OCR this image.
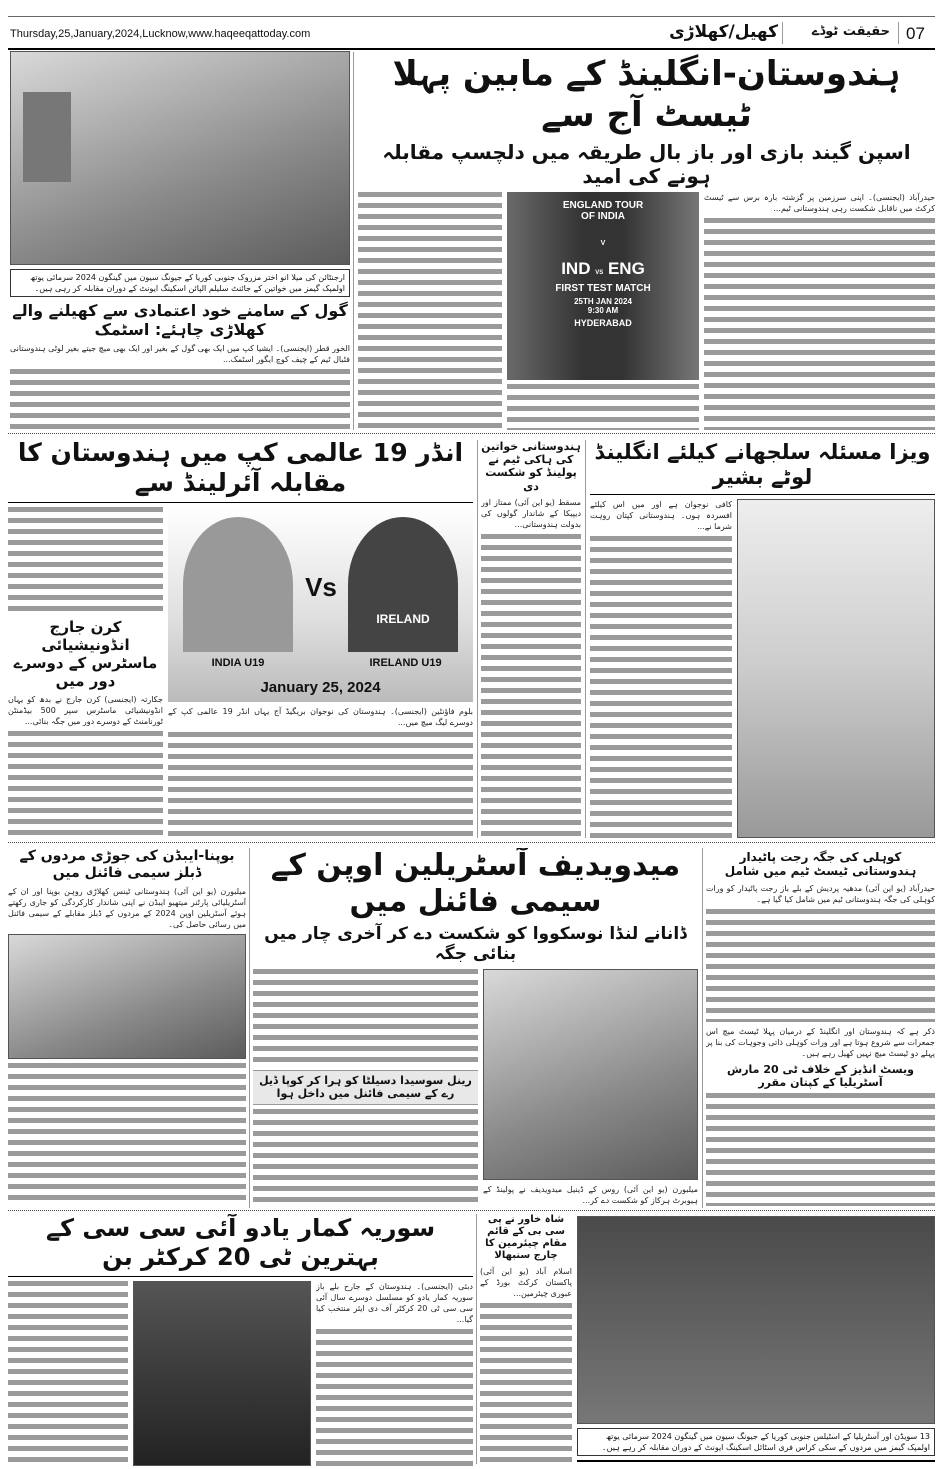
Thursday,25,January,2024,Lucknow,www.haqeeqattoday.com	07
حقیقت ٹوڈے
کھیل/کھلاڑی
ارجنٹائن کی میلا انو اختر مزروک جنوبی کوریا کے جیونگ سیون میں گینگون 2024 سرمائی یوتھ اولمپک گیمز میں خواتین کے جائنٹ سلیلم الپائن اسکینگ ایونٹ کے دوران مقابلہ کر رہی ہیں۔
گول کے سامنے خود اعتمادی سے کھیلنے والے کھلاڑی چاہئے: اسٹمک
الخور قطر (ایجنسی)۔ ایشیا کپ میں ایک بھی گول کے بغیر اور ایک بھی میچ جیتے بغیر لوٹی ہندوستانی فٹبال ٹیم کے چیف کوچ ایگور اسٹمک...
ہندوستان-انگلینڈ کے مابین پہلا ٹیسٹ آج سے
اسپن گیند بازی اور باز بال طریقہ میں دلچسپ مقابلہ ہونے کی امید
ENGLAND TOUR
OF INDIA
V
IND VS ENG
FIRST TEST MATCH
25TH JAN 2024
9:30 AM
HYDERABAD
حیدرآباد (ایجنسی)۔ اپنی سرزمین پر گزشتہ بارہ برس سے ٹیسٹ کرکٹ میں ناقابل شکست رہی ہندوستانی ٹیم...
انڈر 19 عالمی کپ میں ہندوستان کا مقابلہ آئرلینڈ سے
کرن جارج انڈونیشیائی ماسٹرس کے دوسرے دور میں
جکارتہ (ایجنسی) کرن جارج نے بدھ کو یہاں انڈونیشیائی ماسٹرس سپر 500 بیڈمنٹن ٹورنامنٹ کے دوسرے دور میں جگہ بنائی...
Vs
IRELAND
INDIA U19	IRELAND U19
January 25, 2024
بلوم فاؤنٹین (ایجنسی)۔ ہندوستان کی نوجوان بریگیڈ آج یہاں انڈر 19 عالمی کپ کے دوسرے لیگ میچ میں...
ہندوستانی خواتین کی ہاکی ٹیم نے پولینڈ کو شکست دی
مسقط (یو این آئی) ممتاز اور دیپیکا کے شاندار گولوں کی بدولت ہندوستانی...
ویزا مسئلہ سلجھانے کیلئے انگلینڈ لوٹے بشیر
کافی نوجوان ہے اور میں اس کیلئے افسردہ ہوں۔ ہندوستانی کپتان روہت شرما نے...
بوپنا-ایبڈن کی جوڑی مردوں کے ڈبلز سیمی فائنل میں
میلبورن (یو این آئی) ہندوستانی ٹینس کھلاڑی روہن بوپنا اور ان کے آسٹریلیائی پارٹنر میتھیو ایبڈن نے اپنی شاندار کارکردگی کو جاری رکھتے ہوئے آسٹریلین اوپن 2024 کے مردوں کے ڈبلز مقابلے کے سیمی فائنل میں رسائی حاصل کی۔
میدویدیف آسٹریلین اوپن کے سیمی فائنل میں
ڈانانے لنڈا نوسکووا کو شکست دے کر آخری چار میں بنائی جگہ
رینل سوسیدا دسیلٹا کو ہرا کر کوپا ڈیل رے کے سیمی فائنل میں داخل ہوا
میلبورن (یو این آئی) روس کے ڈینیل میدویدیف نے پولینڈ کے ہیوبرٹ ہرکاز کو شکست دے کر...
کوہلی کی جگہ رجت پاٹیدار ہندوستانی ٹیسٹ ٹیم میں شامل
حیدرآباد (یو این آئی) مدھیہ پردیش کے بلے باز رجت پاٹیدار کو ورات کوہلی کی جگہ ہندوستانی ٹیم میں شامل کیا گیا ہے۔
ذکر ہے کہ ہندوستان اور انگلینڈ کے درمیان پہلا ٹیسٹ میچ اس جمعرات سے شروع ہوتا ہے اور ورات کوہلی ذاتی وجوہات کی بنا پر پہلے دو ٹیسٹ میچ نہیں کھیل رہے ہیں۔
ویسٹ انڈیز کے خلاف ٹی 20 مارش آسٹریلیا کے کپتان مقرر
سوریہ کمار یادو آئی سی سی کے بہترین ٹی 20 کرکٹر بن
دبئی (ایجنسی)۔ ہندوستان کے جارح بلے باز سوریہ کمار یادو کو مسلسل دوسرے سال آئی سی سی ٹی 20 کرکٹر آف دی ایئر منتخب کیا گیا...
شاہ خاور نے پی سی بی کے قائم مقام چیئرمین کا چارج سنبھالا
اسلام آباد (یو این آئی) پاکستان کرکٹ بورڈ کے عبوری چیئرمین...
13 سویڈن اور آسٹریلیا کے اسٹیلس جنوبی کوریا کے جیونگ سیون میں گینگون 2024 سرمائی یوتھ اولمپک گیمز میں مردوں کے سکی کراس فری اسٹائل اسکینگ ایونٹ کے دوران مقابلہ کر رہے ہیں۔
